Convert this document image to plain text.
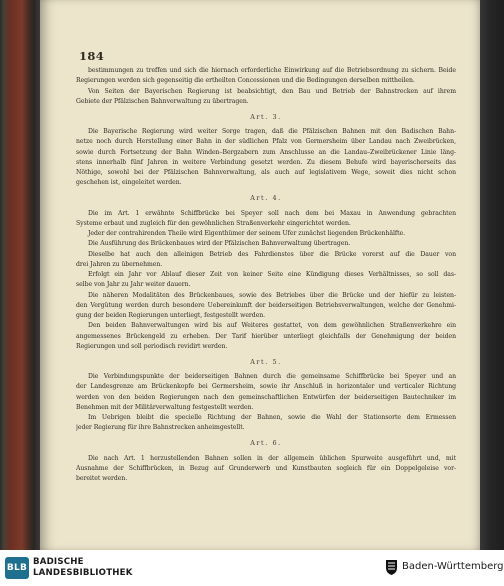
184
bestimmungen zu treffen und sich die hiernach erforderliche Einwirkung auf die Betriebsordnung zu sichern. Beide
Regierungen werden sich gegenseitig die ertheilten Concessionen und die Bedingungen derselben mittheilen.
Von Seiten der Bayerischen Regierung ist beabsichtigt, den Bau und Betrieb der Bahnstrecken auf ihrem
Gebiete der Pfälzischen Bahnverwaltung zu übertragen.
Art. 3.
Die Bayerische Regierung wird weiter Sorge tragen, daß die Pfälzischen Bahnen mit den Badischen Bahn-
netze noch durch Herstellung einer Bahn in der südlichen Pfalz von Germersheim über Landau nach Zweibrücken,
sowie durch Fortsetzung der Bahn Winden–Bergzabern zum Anschlusse an die Landau–Zweibrückener Linie läng-
stens innerhalb fünf Jahren in weitere Verbindung gesetzt werden. Zu diesem Behufe wird bayerischerseits das
Nöthige, sowohl bei der Pfälzischen Bahnverwaltung, als auch auf legislativem Wege, soweit dies nicht schon
geschehen ist, eingeleitet werden.
Art. 4.
Die im Art. 1 erwähnte Schiffbrücke bei Speyer soll nach dem bei Maxau in Anwendung gebrachten
Systeme erbaut und zugleich für den gewöhnlichen Straßenverkehr eingerichtet werden.
Jeder der contrahirenden Theile wird Eigenthümer der seinem Ufer zunächst liegenden Brückenhälfte.
Die Ausführung des Brückenbaues wird der Pfälzischen Bahnverwaltung übertragen.
Dieselbe hat auch den alleinigen Betrieb des Fahrdienstes über die Brücke vorerst auf die Dauer von
drei Jahren zu übernehmen.
Erfolgt ein Jahr vor Ablauf dieser Zeit von keiner Seite eine Kündigung dieses Verhältnisses, so soll das-
selbe von Jahr zu Jahr weiter dauern.
Die näheren Modalitäten des Brückenbaues, sowie des Betriebes über die Brücke und der hiefür zu leisten-
den Vergütung werden durch besondere Uebereinkunft der beiderseitigen Betriebsverwaltungen, welche der Genehmi-
gung der beiden Regierungen unterliegt, festgestellt werden.
Den beiden Bahnverwaltungen wird bis auf Weiteres gestattet, von dem gewöhnlichen Straßenverkehre ein
angemessenes Brückengeld zu erheben. Der Tarif hierüber unterliegt gleichfalls der Genehmigung der beiden
Regierungen und soll periodisch revidirt werden.
Art. 5.
Die Verbindungspunkte der beiderseitigen Bahnen durch die gemeinsame Schiffbrücke bei Speyer und an
der Landesgrenze am Brückenkopfe bei Germersheim, sowie ihr Anschluß in horizontaler und verticaler Richtung
werden von den beiden Regierungen nach den gemeinschaftlichen Entwürfen der beiderseitigen Bautechniker im
Benehmen mit der Militärverwaltung festgestellt werden.
Im Uebrigen bleibt die specielle Richtung der Bahnen, sowie die Wahl der Stationsorte dem Ermessen
jeder Regierung für ihre Bahnstrecken anheimgestellt.
Art. 6.
Die nach Art. 1 herzustellenden Bahnen sollen in der allgemein üblichen Spurweite ausgeführt und, mit
Ausnahme der Schiffbrücken, in Bezug auf Grunderwerb und Kunstbauten sogleich für ein Doppelgeleise vor-
bereitet werden.
BLB
BADISCHE
LANDESBIBLIOTHEK
Baden-Württemberg
